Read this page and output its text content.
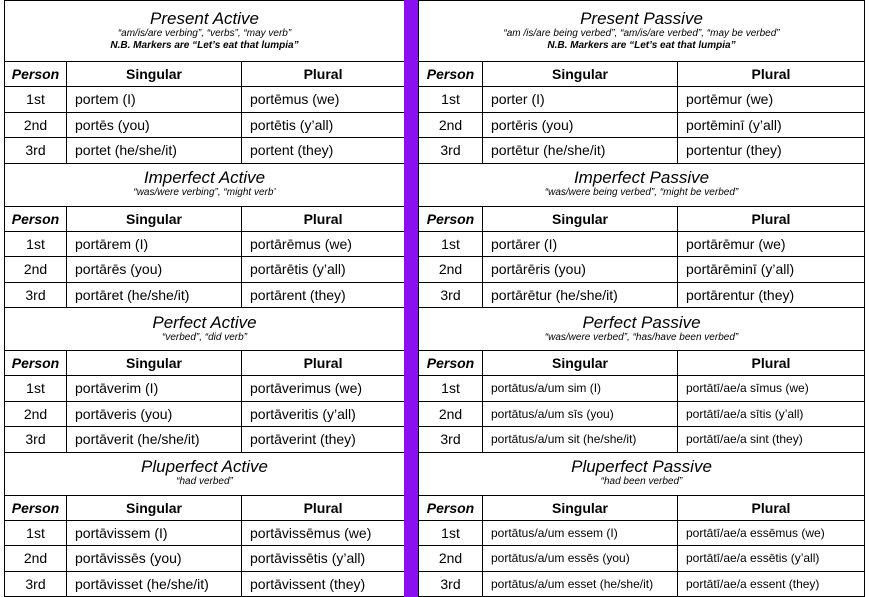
Present Active
“am/is/are verbing”, “verbs”, “may verb”
N.B. Markers are “Let’s eat that lumpia”		

Person	Singular	Plural
1st	portem (I)	portēmus (we)
2nd	portēs (you)	portētis (y’all)
3rd	portet (he/she/it)	portent (they)

Imperfect Active
“was/were verbing”, “might verb’		

Person	Singular	Plural
1st	portārem (I)	portārēmus (we)
2nd	portārēs (you)	portārētis (y’all)
3rd	portāret (he/she/it)	portārent (they)

Perfect Active
“verbed”, “did verb”		

Person	Singular	Plural
1st	portāverim (I)	portāverimus (we)
2nd	portāveris (you)	portāveritis (y’all)
3rd	portāverit (he/she/it)	portāverint (they)

Pluperfect Active
“had verbed”		

Person	Singular	Plural
1st	portāvissem (I)	portāvissēmus (we)
2nd	portāvissēs (you)	portāvissētis (y’all)
3rd	portāvisset (he/she/it)	portāvissent (they)
Present Passive
“am /is/are being verbed”, “am/is/are verbed”, “may be verbed”
N.B. Markers are “Let’s eat that lumpia”		

Person	Singular	Plural
1st	porter (I)	portēmur (we)
2nd	portēris (you)	portēminī (y’all)
3rd	portētur (he/she/it)	portentur (they)

Imperfect Passive
“was/were being verbed”, “might be verbed”		

Person	Singular	Plural
1st	portārer (I)	portārēmur (we)
2nd	portārēris (you)	portārēminī (y’all)
3rd	portārētur (he/she/it)	portārentur (they)

Perfect Passive
“was/were verbed”, “has/have been verbed”		

Person	Singular	Plural
1st	portātus/a/um sim (I)	portātī/ae/a sīmus (we)
2nd	portātus/a/um sīs (you)	portātī/ae/a sītis (y’all)
3rd	portātus/a/um sit (he/she/it)	portātī/ae/a sint (they)

Pluperfect Passive
“had been verbed”		

Person	Singular	Plural
1st	portātus/a/um essem (I)	portātī/ae/a essēmus (we)
2nd	portātus/a/um essēs (you)	portātī/ae/a essētis (y’all)
3rd	portātus/a/um esset (he/she/it)	portātī/ae/a essent (they)
